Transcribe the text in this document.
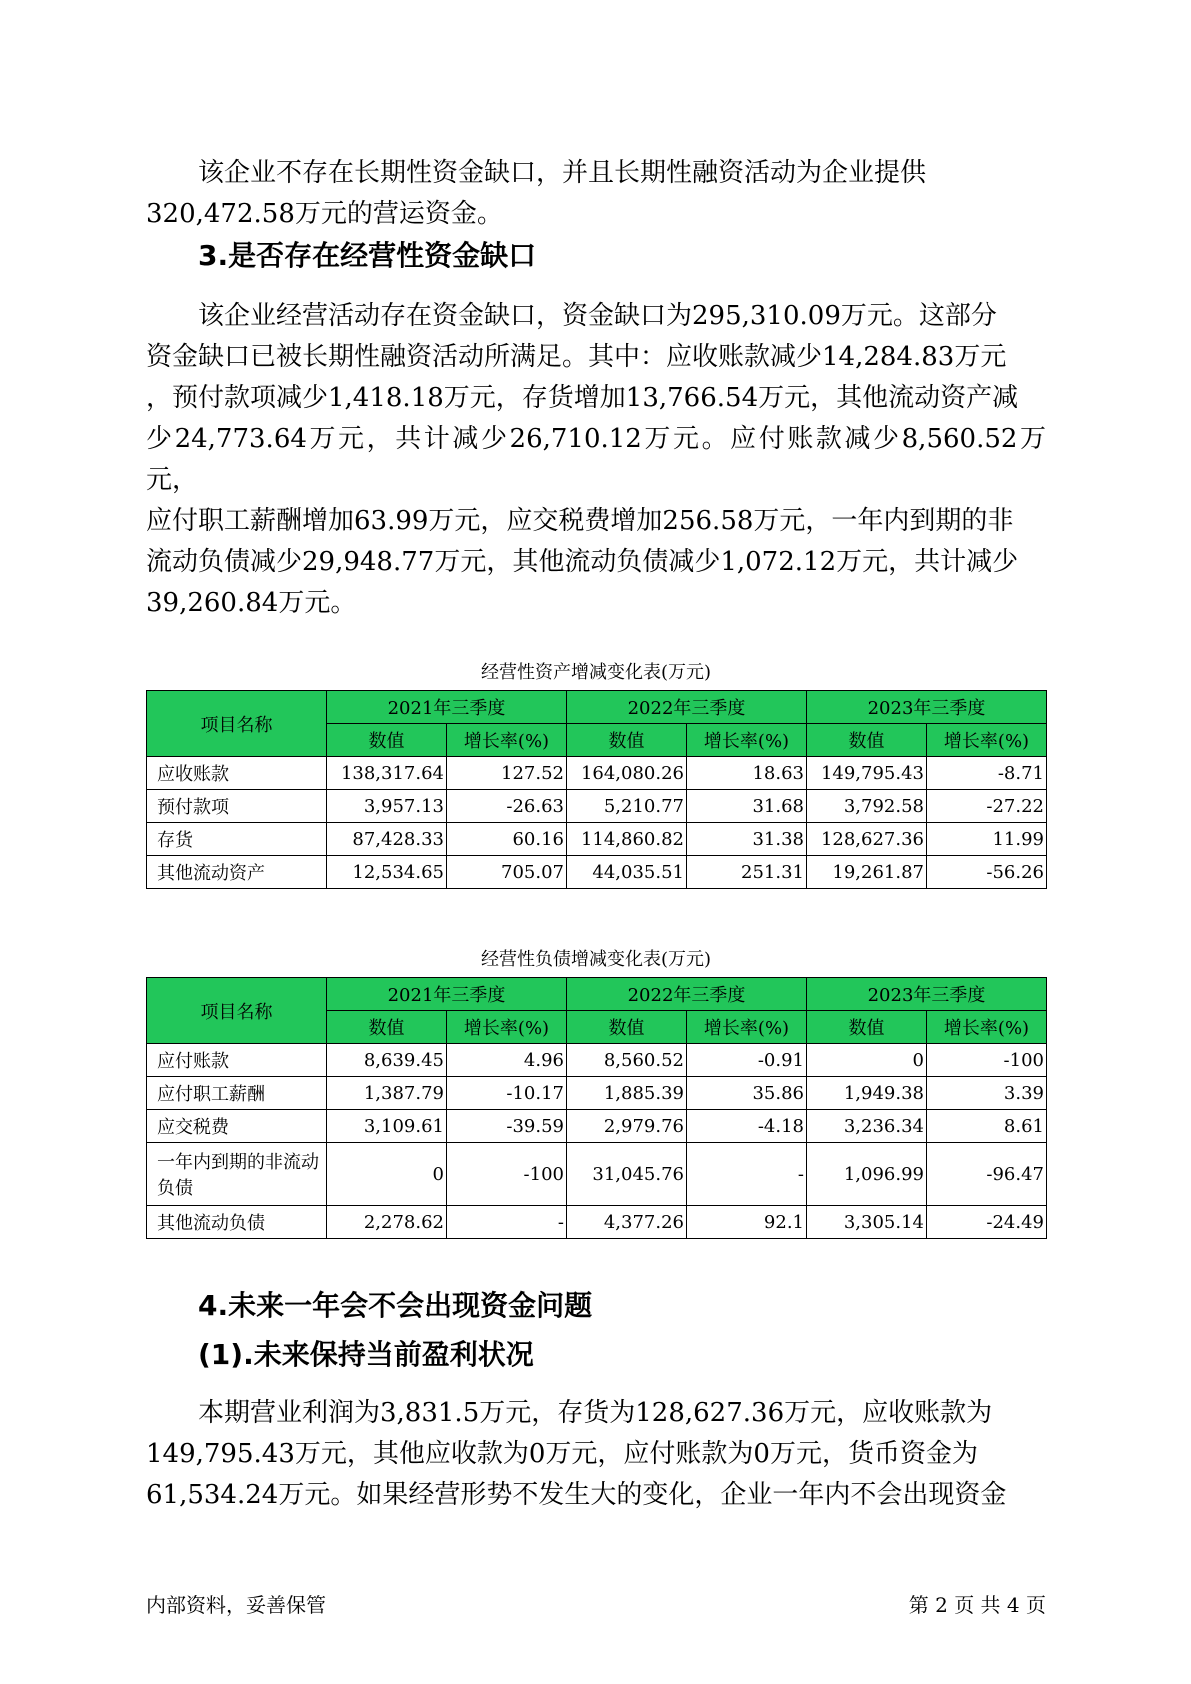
该企业不存在长期性资金缺口，并且长期性融资活动为企业提供
320,472.58万元的营运资金。

3.是否存在经营性资金缺口

该企业经营活动存在资金缺口，资金缺口为295,310.09万元。这部分
资金缺口已被长期性融资活动所满足。其中：应收账款减少14,284.83万元
，预付款项减少1,418.18万元，存货增加13,766.54万元，其他流动资产减
少24,773.64万元，共计减少26,710.12万元。应付账款减少8,560.52万元，
应付职工薪酬增加63.99万元，应交税费增加256.58万元，一年内到期的非
流动负债减少29,948.77万元，其他流动负债减少1,072.12万元，共计减少
39,260.84万元。

经营性资产增减变化表(万元)

项目名称	2021年三季度		2022年三季度		2023年三季度	
	数值	增长率(%)	数值	增长率(%)	数值	增长率(%)
应收账款	138,317.64	127.52	164,080.26	18.63	149,795.43	-8.71
预付款项	3,957.13	-26.63	5,210.77	31.68	3,792.58	-27.22
存货	87,428.33	60.16	114,860.82	31.38	128,627.36	11.99
其他流动资产	12,534.65	705.07	44,035.51	251.31	19,261.87	-56.26

经营性负债增减变化表(万元)

项目名称	2021年三季度		2022年三季度		2023年三季度	
	数值	增长率(%)	数值	增长率(%)	数值	增长率(%)
应付账款	8,639.45	4.96	8,560.52	-0.91	0	-100
应付职工薪酬	1,387.79	-10.17	1,885.39	35.86	1,949.38	3.39
应交税费	3,109.61	-39.59	2,979.76	-4.18	3,236.34	8.61
一年内到期的非流动负债	0	-100	31,045.76	-	1,096.99	-96.47
其他流动负债	2,278.62	-	4,377.26	92.1	3,305.14	-24.49

4.未来一年会不会出现资金问题

(1).未来保持当前盈利状况

本期营业利润为3,831.5万元，存货为128,627.36万元，应收账款为
149,795.43万元，其他应收款为0万元，应付账款为0万元，货币资金为
61,534.24万元。如果经营形势不发生大的变化，企业一年内不会出现资金

内部资料，妥善保管	第 2 页 共 4 页
